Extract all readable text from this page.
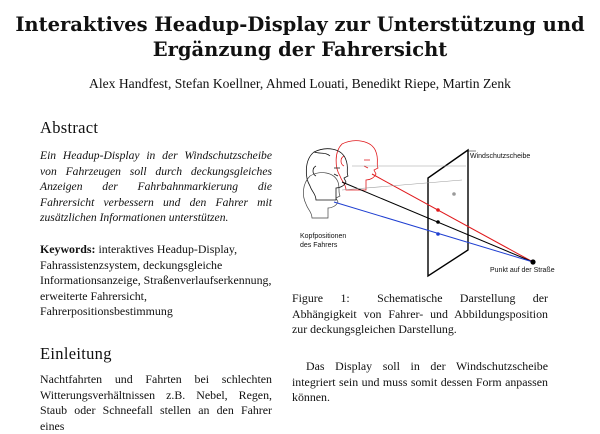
Interaktives Headup-Display zur Unterstützung und Ergänzung der Fahrersicht
Alex Handfest, Stefan Koellner, Ahmed Louati, Benedikt Riepe, Martin Zenk
Abstract

Ein Headup-Display in der Windschutzscheibe von Fahrzeugen soll durch deckungsgleiches Anzeigen der Fahrbahnmarkierung die Fahrersicht verbessern und den Fahrer mit zusätzlichen Informationen unterstützen.

Keywords: interaktives Headup-Display, Fahrassistenzsystem, deckungsgleiche Informationsanzeige, Straßenverlaufserkennung, erweiterte Fahrersicht, Fahrerpositionsbestimmung

Windschutzscheibe
Punkt auf der Straße
Kopfpositionen
des Fahrers

Figure 1: Schematische Darstellung der Abhängigkeit von Fahrer- und Abbildungsposition zur deckungsgleichen Darstellung.

Einleitung

Nachtfahrten und Fahrten bei schlechten Witterungsverhältnissen z.B. Nebel, Regen, Staub oder Schneefall stellen an den Fahrer eines

Das Display soll in der Windschutzscheibe integriert sein und muss somit dessen Form anpassen können.
